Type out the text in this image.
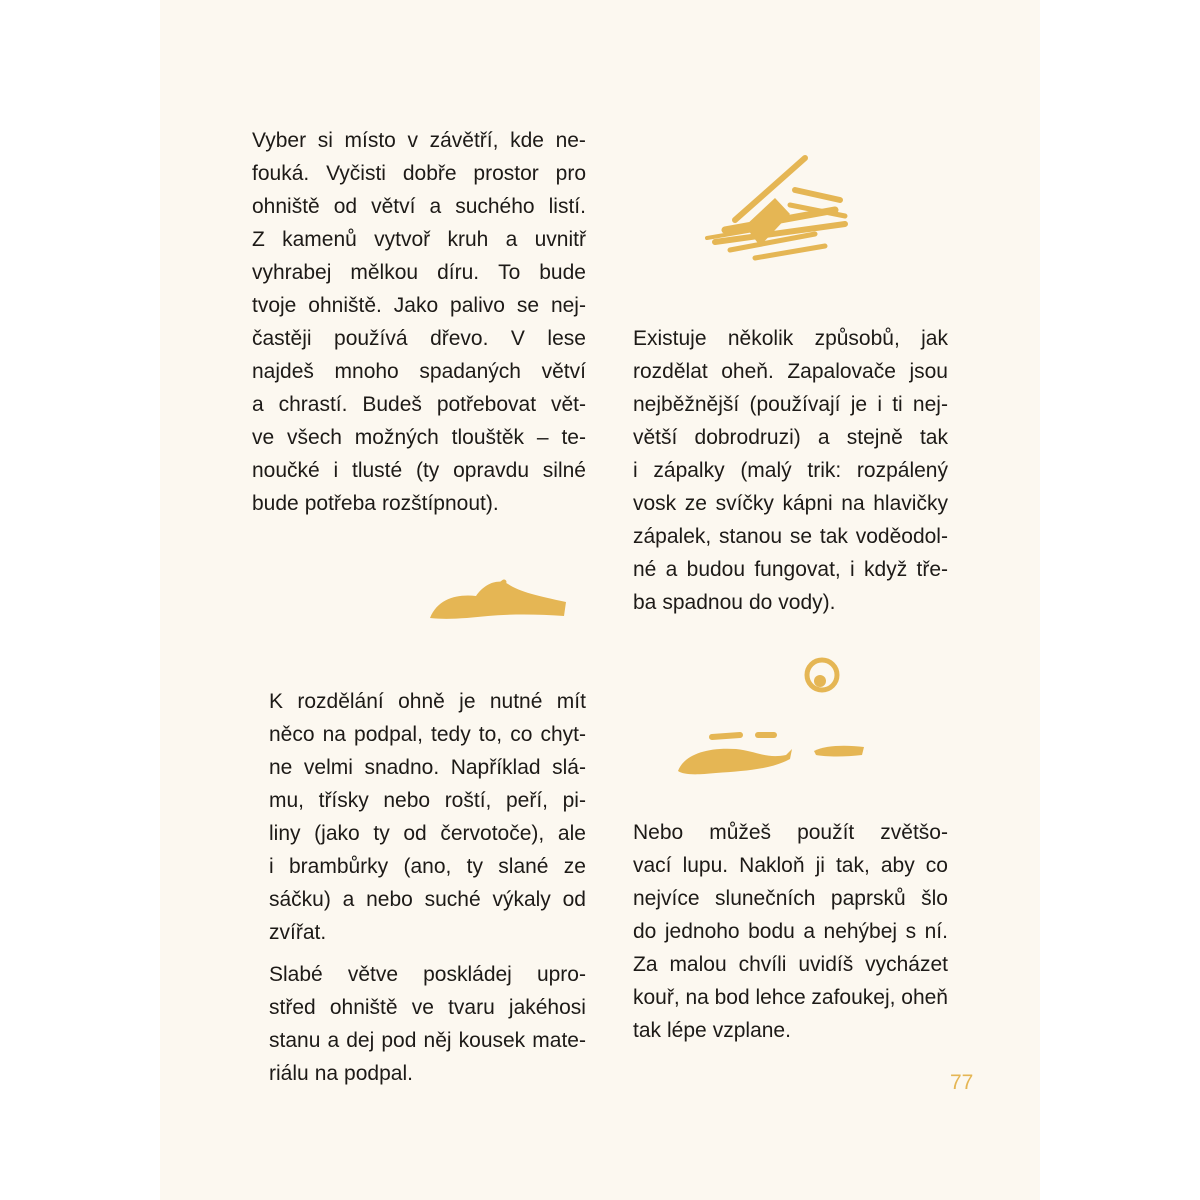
Vyber si místo v závětří, kde ne-
fouká. Vyčisti dobře prostor pro
ohniště od větví a suchého listí.
Z kamenů vytvoř kruh a uvnitř
vyhrabej mělkou díru. To bude
tvoje ohniště. Jako palivo se nej-
častěji používá dřevo. V lese
najdeš mnoho spadaných větví
a chrastí. Budeš potřebovat vět-
ve všech možných tlouštěk – te-
noučké i tlusté (ty opravdu silné
bude potřeba rozštípnout).
K rozdělání ohně je nutné mít
něco na podpal, tedy to, co chyt-
ne velmi snadno. Například slá-
mu, třísky nebo roští, peří, pi-
liny (jako ty od červotoče), ale
i brambůrky (ano, ty slané ze
sáčku) a nebo suché výkaly od
zvířat.
Slabé větve poskládej upro-
střed ohniště ve tvaru jakéhosi
stanu a dej pod něj kousek mate-
riálu na podpal.
Existuje několik způsobů, jak
rozdělat oheň. Zapalovače jsou
nejběžnější (používají je i ti nej-
větší dobrodruzi) a stejně tak
i zápalky (malý trik: rozpálený
vosk ze svíčky kápni na hlavičky
zápalek, stanou se tak voděodol-
né a budou fungovat, i když tře-
ba spadnou do vody).
Nebo můžeš použít zvětšo-
vací lupu. Nakloň ji tak, aby co
nejvíce slunečních paprsků šlo
do jednoho bodu a nehýbej s ní.
Za malou chvíli uvidíš vycházet
kouř, na bod lehce zafoukej, oheň
tak lépe vzplane.
77
